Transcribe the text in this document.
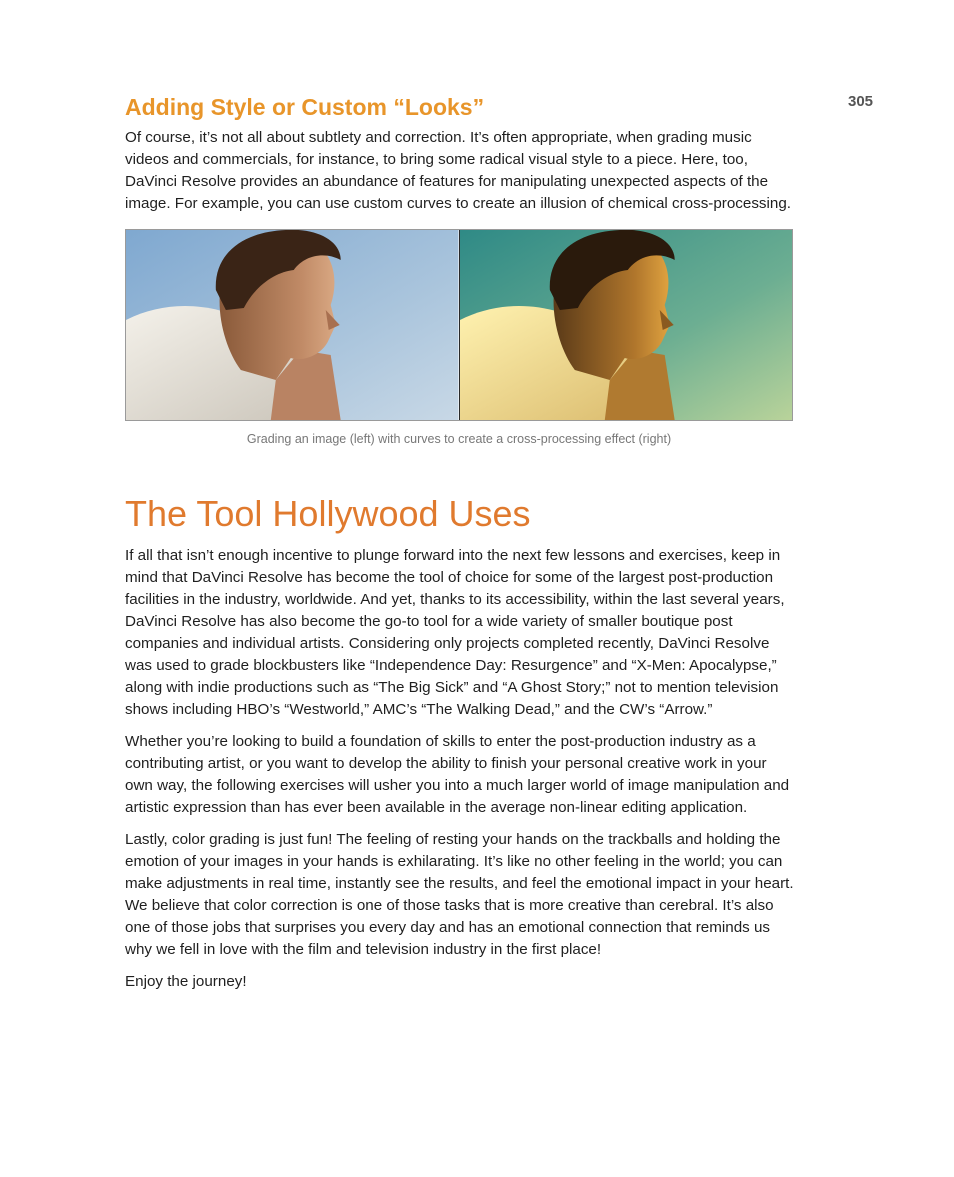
305
Adding Style or Custom “Looks”

Of course, it’s not all about subtlety and correction. It’s often appropriate, when grading music videos and commercials, for instance, to bring some radical visual style to a piece. Here, too, DaVinci Resolve provides an abundance of features for manipulating unexpected aspects of the image. For example, you can use custom curves to create an illusion of chemical cross-processing.

Grading an image (left) with curves to create a cross-processing effect (right)
The Tool Hollywood Uses

If all that isn’t enough incentive to plunge forward into the next few lessons and exercises, keep in mind that DaVinci Resolve has become the tool of choice for some of the largest post-production facilities in the industry, worldwide. And yet, thanks to its accessibility, within the last several years, DaVinci Resolve has also become the go-to tool for a wide variety of smaller boutique post companies and individual artists. Considering only projects completed recently, DaVinci Resolve was used to grade blockbusters like “Independence Day: Resurgence” and “X-Men: Apocalypse,” along with indie productions such as “The Big Sick” and “A Ghost Story;” not to mention television shows including HBO’s “Westworld,” AMC’s “The Walking Dead,” and the CW’s “Arrow.”

Whether you’re looking to build a foundation of skills to enter the post-production industry as a contributing artist, or you want to develop the ability to finish your personal creative work in your own way, the following exercises will usher you into a much larger world of image manipulation and artistic expression than has ever been available in the average non-linear editing application.

Lastly, color grading is just fun! The feeling of resting your hands on the trackballs and holding the emotion of your images in your hands is exhilarating. It’s like no other feeling in the world; you can make adjustments in real time, instantly see the results, and feel the emotional impact in your heart. We believe that color correction is one of those tasks that is more creative than cerebral. It’s also one of those jobs that surprises you every day and has an emotional connection that reminds us why we fell in love with the film and television industry in the first place!

Enjoy the journey!
